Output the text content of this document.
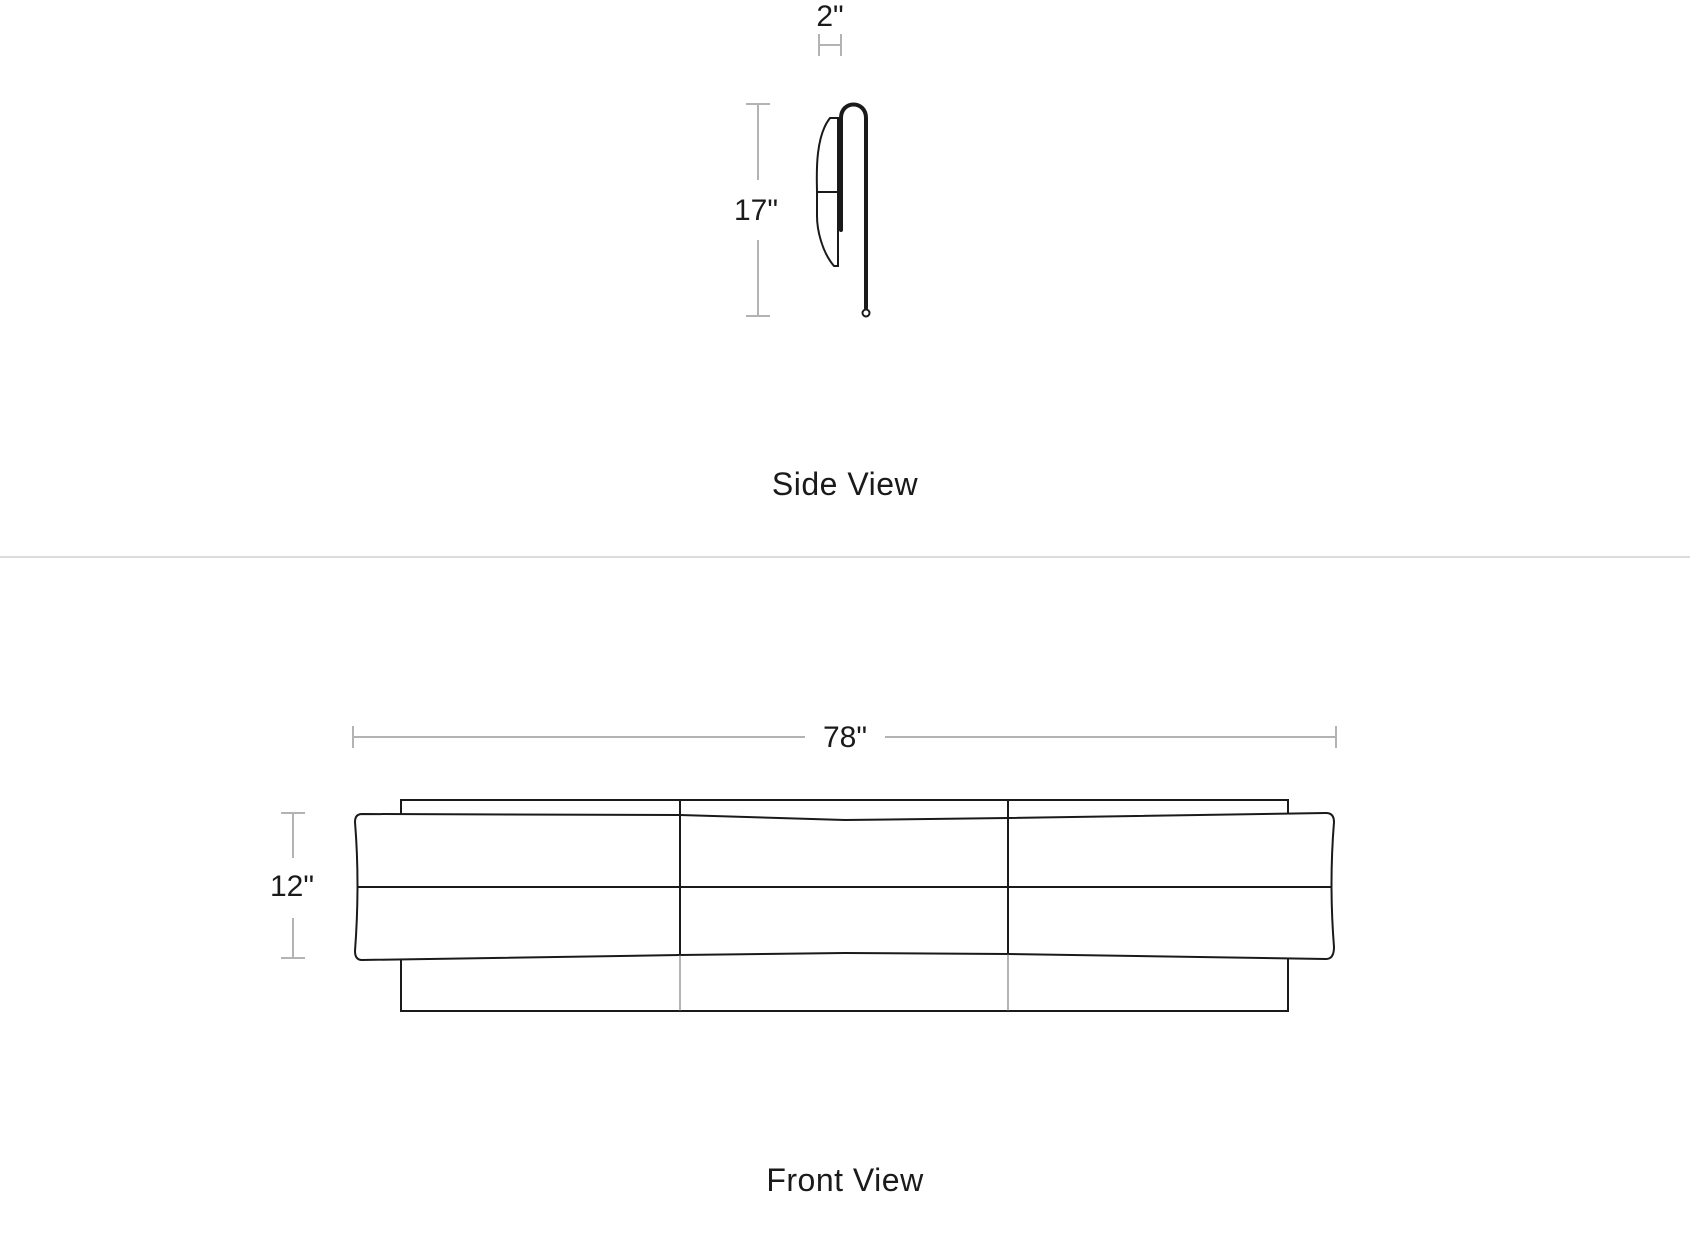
2"
17"
Side View
78"
12"
Front View
